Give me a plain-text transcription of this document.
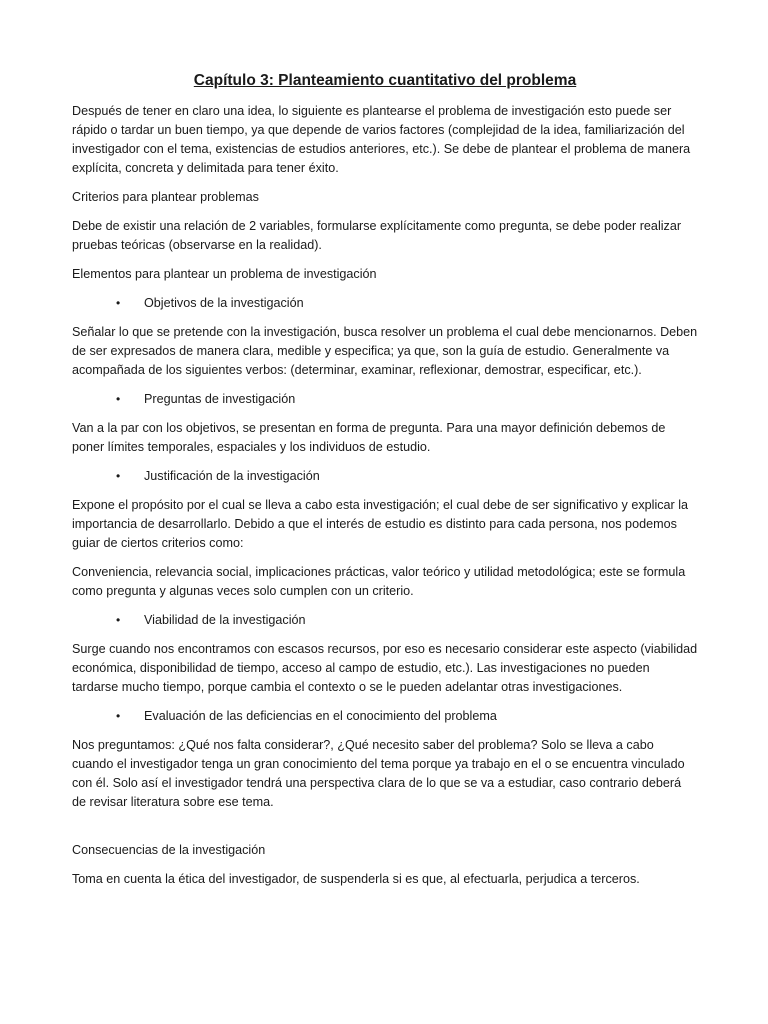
Capítulo 3: Planteamiento cuantitativo del problema

Después de tener en claro una idea, lo siguiente es plantearse el problema de investigación esto puede ser rápido o tardar un buen tiempo, ya que depende de varios factores (complejidad de la idea, familiarización del investigador con el tema, existencias de estudios anteriores, etc.). Se debe de plantear el problema de manera explícita, concreta y delimitada para tener éxito.

Criterios para plantear problemas

Debe de existir una relación de 2 variables, formularse explícitamente como pregunta, se debe poder realizar pruebas teóricas (observarse en la realidad).

Elementos para plantear un problema de investigación
• Objetivos de la investigación

Señalar lo que se pretende con la investigación, busca resolver un problema el cual debe mencionarnos. Deben de ser expresados de manera clara, medible y especifica; ya que, son la guía de estudio. Generalmente va acompañada de los siguientes verbos: (determinar, examinar, reflexionar, demostrar, especificar, etc.).

• Preguntas de investigación

Van a la par con los objetivos, se presentan en forma de pregunta. Para una mayor definición debemos de poner límites temporales, espaciales y los individuos de estudio.

• Justificación de la investigación

Expone el propósito por el cual se lleva a cabo esta investigación; el cual debe de ser significativo y explicar la importancia de desarrollarlo. Debido a que el interés de estudio es distinto para cada persona, nos podemos guiar de ciertos criterios como:

Conveniencia, relevancia social, implicaciones prácticas, valor teórico y utilidad metodológica; este se formula como pregunta y algunas veces solo cumplen con un criterio.

• Viabilidad de la investigación

Surge cuando nos encontramos con escasos recursos, por eso es necesario considerar este aspecto (viabilidad económica, disponibilidad de tiempo, acceso al campo de estudio, etc.). Las investigaciones no pueden tardarse mucho tiempo, porque cambia el contexto o se le pueden adelantar otras investigaciones.

• Evaluación de las deficiencias en el conocimiento del problema

Nos preguntamos: ¿Qué nos falta considerar?, ¿Qué necesito saber del problema? Solo se lleva a cabo cuando el investigador tenga un gran conocimiento del tema porque ya trabajo en el o se encuentra vinculado con él. Solo así el investigador tendrá una perspectiva clara de lo que se va a estudiar, caso contrario deberá de revisar literatura sobre ese tema.

Consecuencias de la investigación

Toma en cuenta la ética del investigador, de suspenderla si es que, al efectuarla, perjudica a terceros.
